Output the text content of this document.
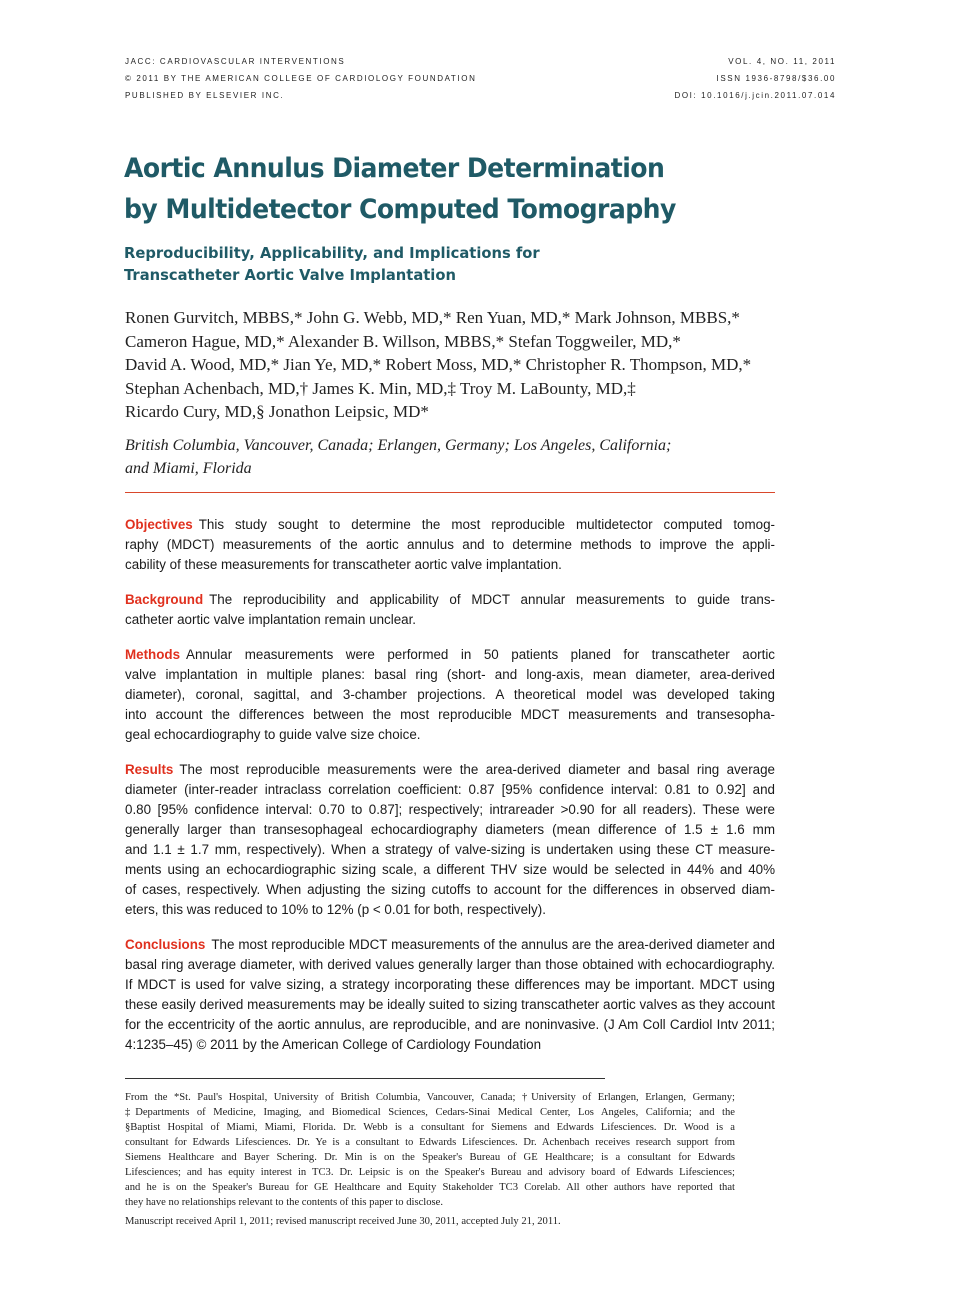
JACC: CARDIOVASCULAR INTERVENTIONS	VOL. 4, NO. 11, 2011
© 2011 BY THE AMERICAN COLLEGE OF CARDIOLOGY FOUNDATION	ISSN 1936-8798/$36.00
PUBLISHED BY ELSEVIER INC.	DOI: 10.1016/j.jcin.2011.07.014
Aortic Annulus Diameter Determination
by Multidetector Computed Tomography
Reproducibility, Applicability, and Implications for
Transcatheter Aortic Valve Implantation
Ronen Gurvitch, MBBS,* John G. Webb, MD,* Ren Yuan, MD,* Mark Johnson, MBBS,*
Cameron Hague, MD,* Alexander B. Willson, MBBS,* Stefan Toggweiler, MD,*
David A. Wood, MD,* Jian Ye, MD,* Robert Moss, MD,* Christopher R. Thompson, MD,*
Stephan Achenbach, MD,† James K. Min, MD,‡ Troy M. LaBounty, MD,‡
Ricardo Cury, MD,§ Jonathon Leipsic, MD*
British Columbia, Vancouver, Canada; Erlangen, Germany; Los Angeles, California;
and Miami, Florida
Objectives This study sought to determine the most reproducible multidetector computed tomog-
raphy (MDCT) measurements of the aortic annulus and to determine methods to improve the appli-
cability of these measurements for transcatheter aortic valve implantation.
Background The reproducibility and applicability of MDCT annular measurements to guide trans-
catheter aortic valve implantation remain unclear.
Methods Annular measurements were performed in 50 patients planed for transcatheter aortic
valve implantation in multiple planes: basal ring (short- and long-axis, mean diameter, area-derived
diameter), coronal, sagittal, and 3-chamber projections. A theoretical model was developed taking
into account the differences between the most reproducible MDCT measurements and transesopha-
geal echocardiography to guide valve size choice.
Results The most reproducible measurements were the area-derived diameter and basal ring average
diameter (inter-reader intraclass correlation coefficient: 0.87 [95% confidence interval: 0.81 to 0.92] and
0.80 [95% confidence interval: 0.70 to 0.87]; respectively; intrareader >0.90 for all readers). These were
generally larger than transesophageal echocardiography diameters (mean difference of 1.5 ± 1.6 mm
and 1.1 ± 1.7 mm, respectively). When a strategy of valve-sizing is undertaken using these CT measure-
ments using an echocardiographic sizing scale, a different THV size would be selected in 44% and 40%
of cases, respectively. When adjusting the sizing cutoffs to account for the differences in observed diam-
eters, this was reduced to 10% to 12% (p < 0.01 for both, respectively).
Conclusions The most reproducible MDCT measurements of the annulus are the area-derived diameter and
basal ring average diameter, with derived values generally larger than those obtained with echocardiography.
If MDCT is used for valve sizing, a strategy incorporating these differences may be important. MDCT using
these easily derived measurements may be ideally suited to sizing transcatheter aortic valves as they account
for the eccentricity of the aortic annulus, are reproducible, and are noninvasive. (J Am Coll Cardiol Intv 2011;
4:1235–45) © 2011 by the American College of Cardiology Foundation
From the *St. Paul's Hospital, University of British Columbia, Vancouver, Canada; †University of Erlangen, Erlangen, Germany;
‡Departments of Medicine, Imaging, and Biomedical Sciences, Cedars-Sinai Medical Center, Los Angeles, California; and the
§Baptist Hospital of Miami, Miami, Florida. Dr. Webb is a consultant for Siemens and Edwards Lifesciences. Dr. Wood is a
consultant for Edwards Lifesciences. Dr. Ye is a consultant to Edwards Lifesciences. Dr. Achenbach receives research support from
Siemens Healthcare and Bayer Schering. Dr. Min is on the Speaker's Bureau of GE Healthcare; is a consultant for Edwards
Lifesciences; and has equity interest in TC3. Dr. Leipsic is on the Speaker's Bureau and advisory board of Edwards Lifesciences;
and he is on the Speaker's Bureau for GE Healthcare and Equity Stakeholder TC3 Corelab. All other authors have reported that
they have no relationships relevant to the contents of this paper to disclose.
Manuscript received April 1, 2011; revised manuscript received June 30, 2011, accepted July 21, 2011.
